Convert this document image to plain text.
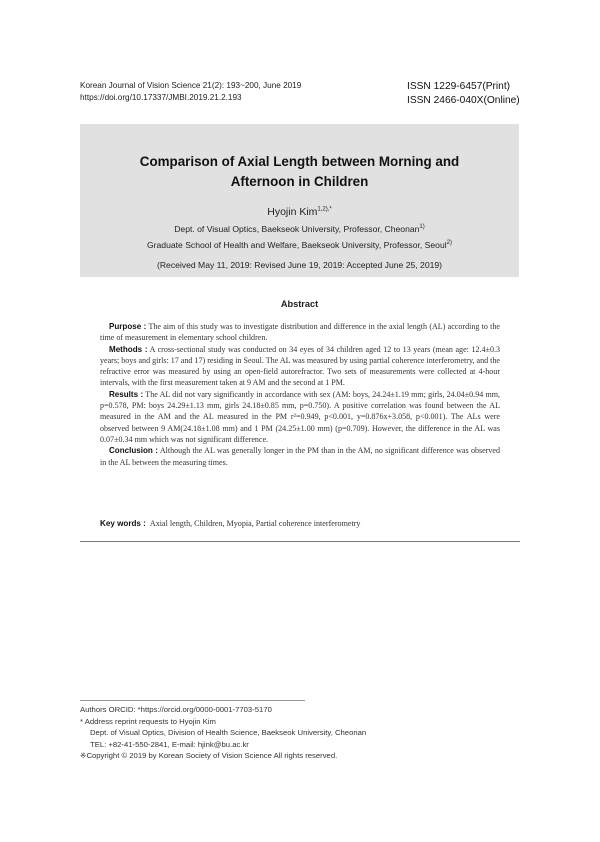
Korean Journal of Vision Science 21(2): 193~200, June 2019
https://doi.org/10.17337/JMBI.2019.21.2.193
ISSN 1229-6457(Print)
ISSN 2466-040X(Online)
Comparison of Axial Length between Morning and
Afternoon in Children
Hyojin Kim$^{1,2),*}$
Dept. of Visual Optics, Baekseok University, Professor, Cheonan$^{1)}$
Graduate School of Health and Welfare, Baekseok University, Professor, Seoul$^{2)}$
(Received May 11, 2019: Revised June 19, 2019: Accepted June 25, 2019)
Abstract

Purpose : The aim of this study was to investigate distribution and difference in the axial length (AL) according to the time of measurement in elementary school children.

Methods : A cross-sectional study was conducted on 34 eyes of 34 children aged 12 to 13 years (mean age: 12.4±0.3 years; boys and girls: 17 and 17) residing in Seoul. The AL was measured by using partial coherence interferometry, and the refractive error was measured by using an open-field autorefractor. Two sets of measurements were collected at 4-hour intervals, with the first measurement taken at 9 AM and the second at 1 PM.

Results : The AL did not vary significantly in accordance with sex (AM: boys, 24.24±1.19 mm; girls, 24.04±0.94 mm, p=0.578, PM: boys 24.29±1.13 mm, girls 24.18±0.85 mm, p=0.750). A positive correlation was found between the AL measured in the AM and the AL measured in the PM r²=0.949, p<0.001, y=0.876x+3.058, p<0.001). The ALs were observed between 9 AM(24.18±1.08 mm) and 1 PM (24.25±1.00 mm) (p=0.709). However, the difference in the AL was 0.07±0.34 mm which was not significant difference.

Conclusion : Although the AL was generally longer in the PM than in the AM, no significant difference was observed in the AL between the measuring times.

Key words : Axial length, Children, Myopia, Partial coherence interferometry
Authors ORCID: *https://orcid.org/0000-0001-7703-5170
* Address reprint requests to Hyojin Kim
Dept. of Visual Optics, Division of Health Science, Baekseok University, Cheonan
TEL: +82-41-550-2841, E-mail: hjink@bu.ac.kr
※Copyright © 2019 by Korean Society of Vision Science All rights reserved.
